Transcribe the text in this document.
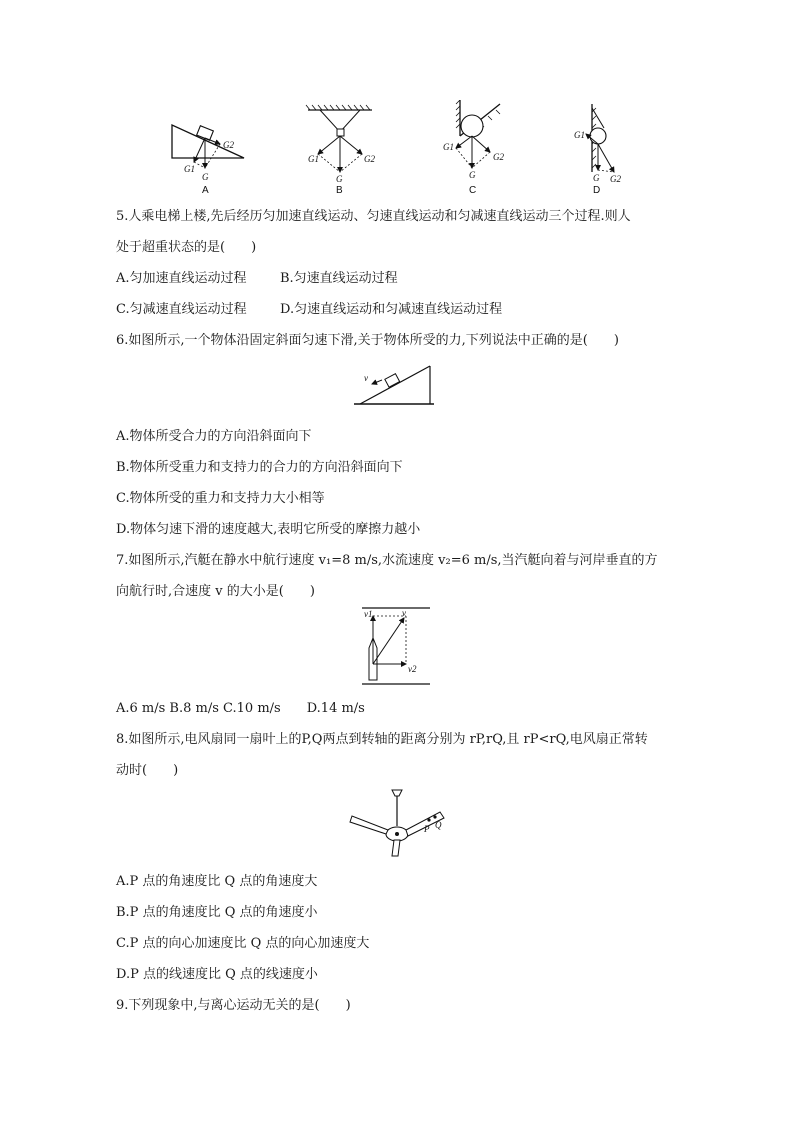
G2
G1
G
A
G1	G2
G
B
G1
G2
G
C
G1
G2
G
D
5.人乘电梯上楼,先后经历匀加速直线运动、匀速直线运动和匀减速直线运动三个过程.则人
处于超重状态的是(　　)
A.匀加速直线运动过程	B.匀速直线运动过程
C.匀减速直线运动过程	D.匀速直线运动和匀减速直线运动过程
6.如图所示,一个物体沿固定斜面匀速下滑,关于物体所受的力,下列说法中正确的是(　　)
v
A.物体所受合力的方向沿斜面向下
B.物体所受重力和支持力的合力的方向沿斜面向下
C.物体所受的重力和支持力大小相等
D.物体匀速下滑的速度越大,表明它所受的摩擦力越小
7.如图所示,汽艇在静水中航行速度 v₁=8 m/s,水流速度 v₂=6 m/s,当汽艇向着与河岸垂直的方
向航行时,合速度 v 的大小是(　　)
v1	v
v2
A.6 m/s B.8 m/s C.10 m/s　　D.14 m/s
8.如图所示,电风扇同一扇叶上的P,Q两点到转轴的距离分别为 rP,rQ,且 rP<rQ,电风扇正常转
动时(　　)
P Q
A.P 点的角速度比 Q 点的角速度大
B.P 点的角速度比 Q 点的角速度小
C.P 点的向心加速度比 Q 点的向心加速度大
D.P 点的线速度比 Q 点的线速度小
9.下列现象中,与离心运动无关的是(　　)
